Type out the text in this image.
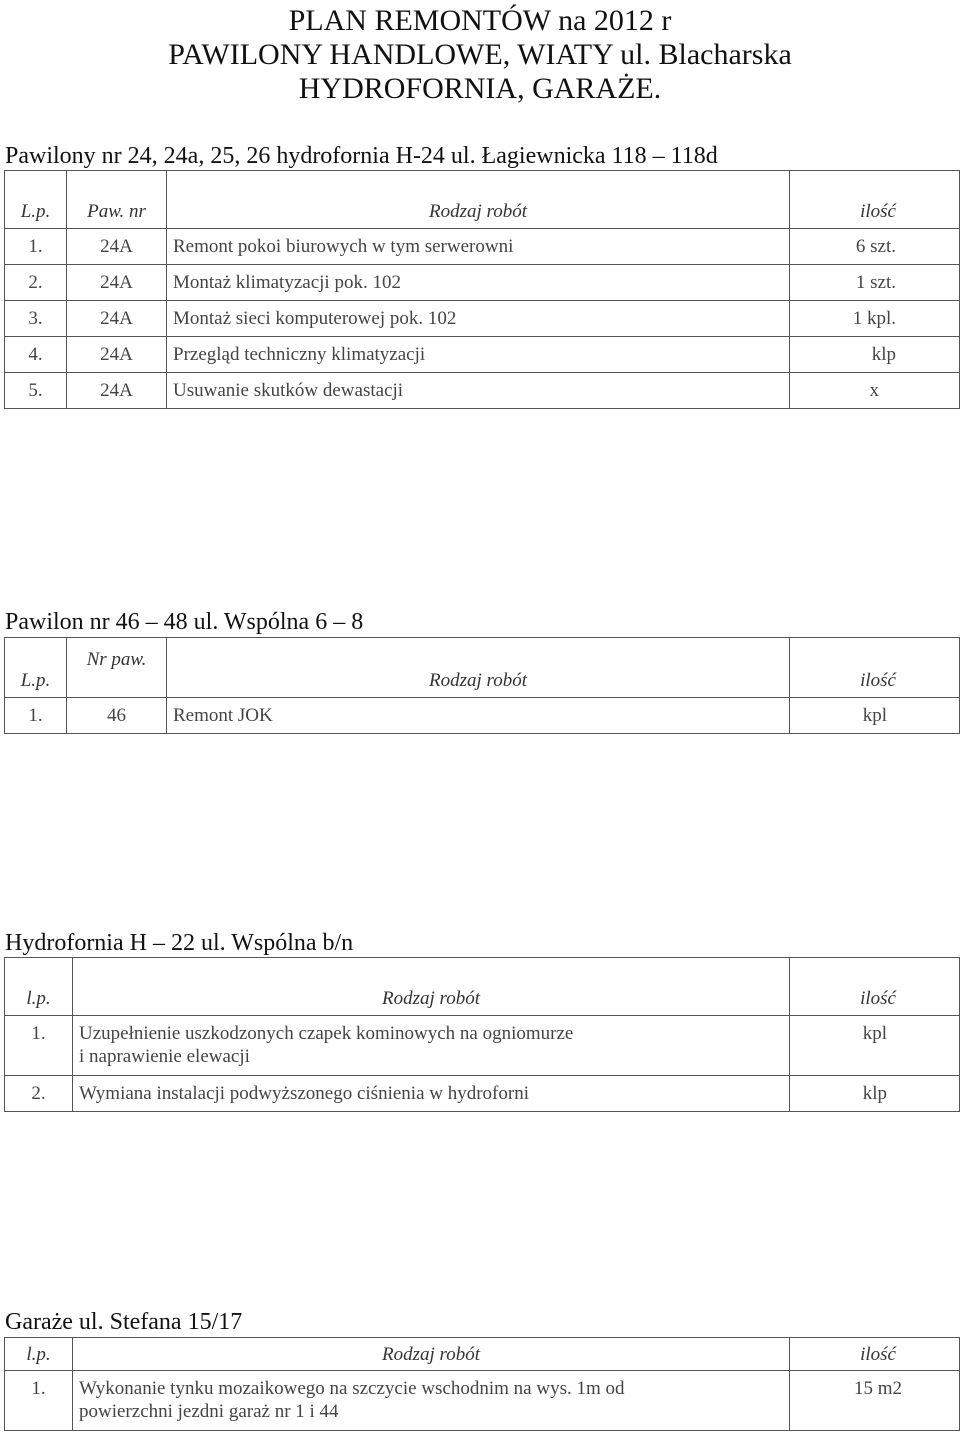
PLAN REMONTÓW na 2012 r
PAWILONY HANDLOWE, WIATY ul. Blacharska
HYDROFORNIA, GARAŻE.
Pawilony nr 24, 24a, 25, 26 hydrofornia H-24 ul. Łagiewnicka 118 – 118d
L.p.	Paw. nr	Rodzaj robót	ilość
1.	24A	Remont pokoi biurowych w tym serwerowni	6 szt.
2.	24A	Montaż klimatyzacji pok. 102	1 szt.
3.	24A	Montaż sieci komputerowej pok. 102	1 kpl.
4.	24A	Przegląd techniczny klimatyzacji	klp
5.	24A	Usuwanie skutków dewastacji	x
Pawilon nr 46 – 48 ul. Wspólna 6 – 8
L.p.	Nr paw.	Rodzaj robót	ilość
1.	46	Remont JOK	kpl
Hydrofornia H – 22 ul. Wspólna b/n
l.p.	Rodzaj robót	ilość
1.	Uzupełnienie uszkodzonych czapek kominowych na ogniomurze
i naprawienie elewacji	kpl
2.	Wymiana instalacji podwyższonego ciśnienia w hydroforni	klp
Garaże ul. Stefana 15/17
l.p.	Rodzaj robót	ilość
1.	Wykonanie tynku mozaikowego na szczycie wschodnim na wys. 1m od
powierzchni jezdni garaż nr 1 i 44	15 m2
